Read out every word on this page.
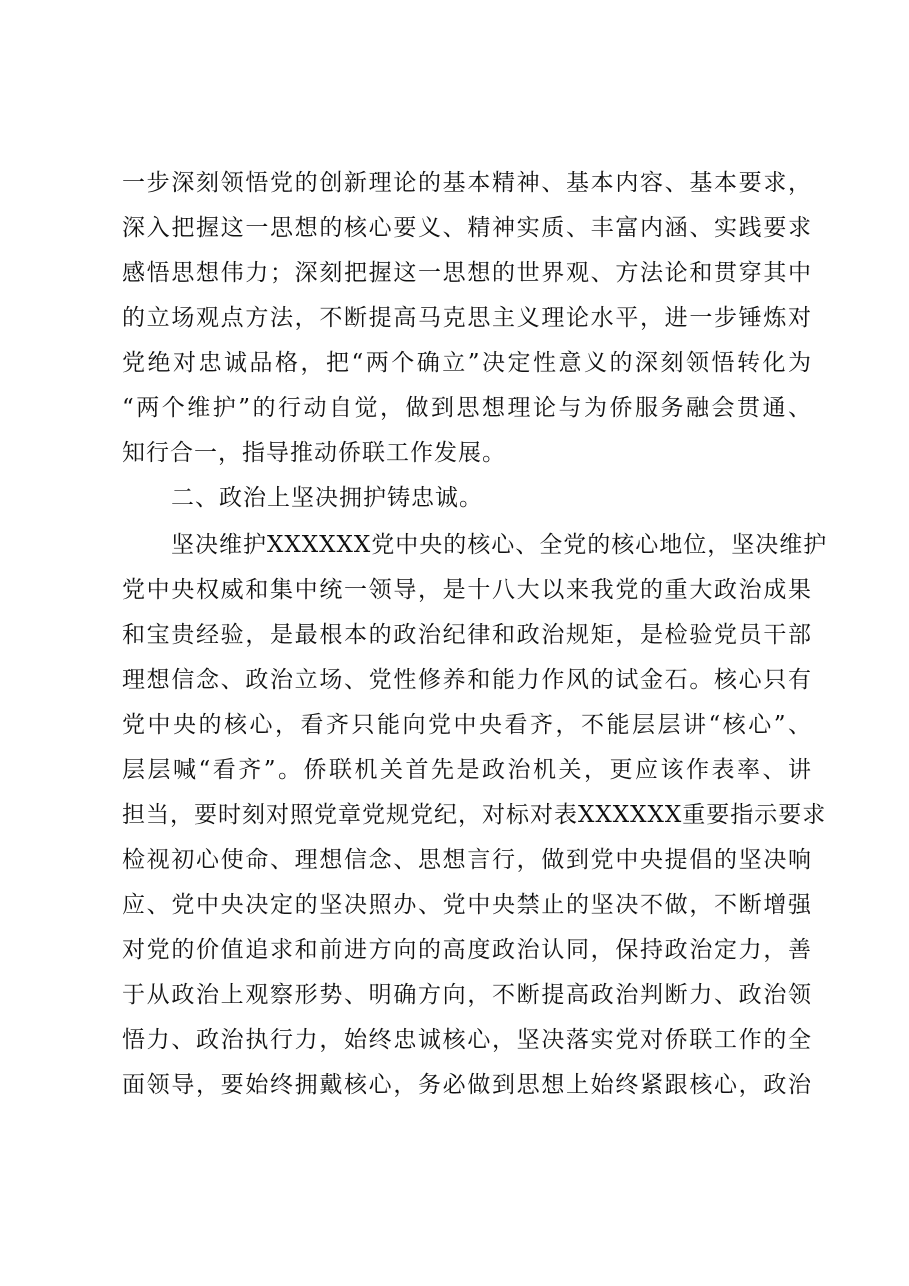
一步深刻领悟党的创新理论的基本精神、基本内容、基本要求，
深入把握这一思想的核心要义、精神实质、丰富内涵、实践要求
感悟思想伟力；深刻把握这一思想的世界观、方法论和贯穿其中
的立场观点方法，不断提高马克思主义理论水平，进一步锤炼对
党绝对忠诚品格，把“两个确立”决定性意义的深刻领悟转化为
“两个维护”的行动自觉，做到思想理论与为侨服务融会贯通、
知行合一，指导推动侨联工作发展。
二、政治上坚决拥护铸忠诚。
坚决维护XXXXXX党中央的核心、全党的核心地位，坚决维护
党中央权威和集中统一领导，是十八大以来我党的重大政治成果
和宝贵经验，是最根本的政治纪律和政治规矩，是检验党员干部
理想信念、政治立场、党性修养和能力作风的试金石。核心只有
党中央的核心，看齐只能向党中央看齐，不能层层讲“核心”、
层层喊“看齐”。侨联机关首先是政治机关，更应该作表率、讲
担当，要时刻对照党章党规党纪，对标对表XXXXXX重要指示要求
检视初心使命、理想信念、思想言行，做到党中央提倡的坚决响
应、党中央决定的坚决照办、党中央禁止的坚决不做，不断增强
对党的价值追求和前进方向的高度政治认同，保持政治定力，善
于从政治上观察形势、明确方向，不断提高政治判断力、政治领
悟力、政治执行力，始终忠诚核心，坚决落实党对侨联工作的全
面领导，要始终拥戴核心，务必做到思想上始终紧跟核心，政治
